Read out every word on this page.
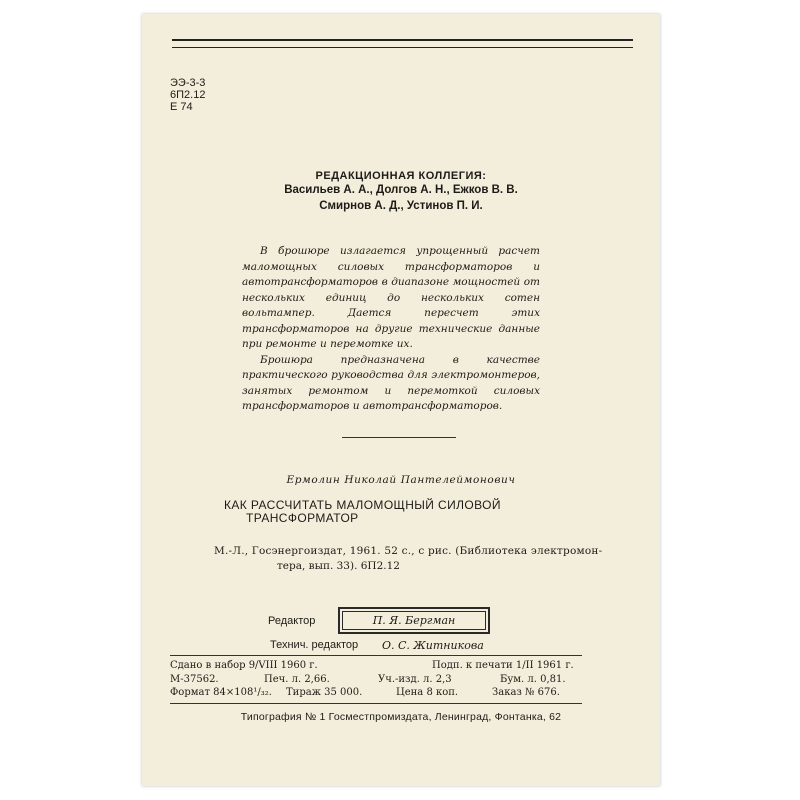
ЭЭ-3-3
6П2.12
Е 74
РЕДАКЦИОННАЯ КОЛЛЕГИЯ:
Васильев А. А., Долгов А. Н., Ежков В. В.
Смирнов А. Д., Устинов П. И.

В брошюре излагается упрощенный расчет маломощных силовых трансформаторов и автотрансформаторов в диапазоне мощностей от нескольких единиц до нескольких сотен вольтампер. Дается пересчет этих трансформаторов на другие технические данные при ремонте и перемотке их.

Брошюра предназначена в качестве практического руководства для электромонтеров, занятых ремонтом и перемоткой силовых трансформаторов и автотрансформаторов.

Ермолин Николай Пантелеймонович
КАК РАССЧИТАТЬ МАЛОМОЩНЫЙ СИЛОВОЙ
ТРАНСФОРМАТОР
М.-Л., Госэнергоиздат, 1961. 52 с., с рис. (Библиотека электромон-
тера, вып. 33). 6П2.12
Редактор	П. Я. Бергман
Технич. редактор О. С. Житникова
Сдано в набор 9/VIII 1960 г.	Подп. к печати 1/II 1961 г.
М-37562.	Печ. л. 2,66.	Уч.-изд. л. 2,3	Бум. л. 0,81.
Формат 84×108¹/₃₂. Тираж 35 000.	Цена 8 коп.	Заказ № 676.
Типография № 1 Госместпромиздата, Ленинград, Фонтанка, 62
